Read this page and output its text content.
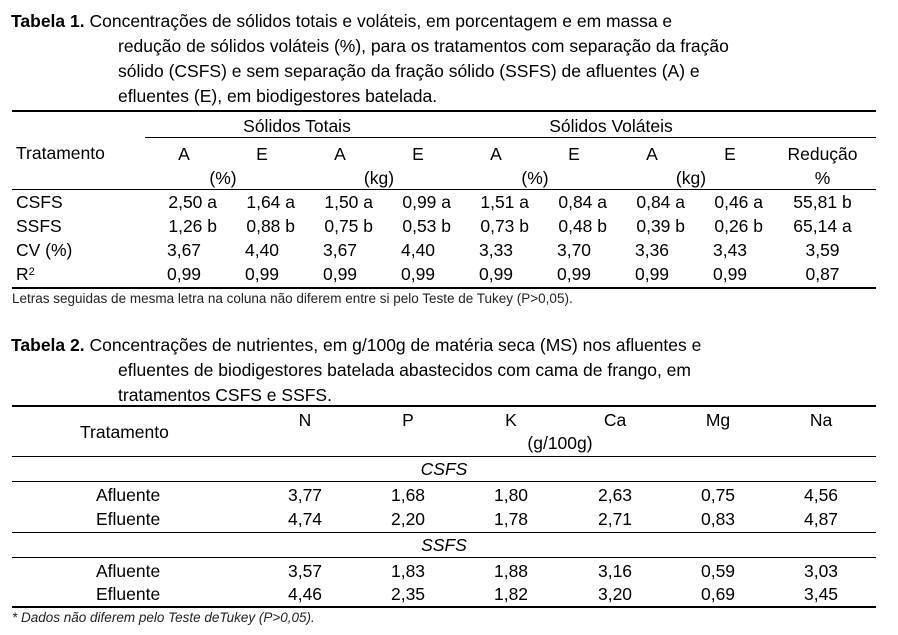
Tabela 1. Concentrações de sólidos totais e voláteis, em porcentagem e em massa e
redução de sólidos voláteis (%), para os tratamentos com separação da fração
sólido (CSFS) e sem separação da fração sólido (SSFS) de afluentes (A) e
efluentes (E), em biodigestores batelada.
Sólidos Totais	Sólidos Voláteis
Tratamento	A	E	A	E	A	E	A	E	Redução
(%)	(kg)	(%)	(kg)	%
CSFS	2,50 a	1,64 a	1,50 a	0,99 a	1,51 a	0,84 a	0,84 a	0,46 a	55,81 b
SSFS	1,26 b	0,88 b	0,75 b	0,53 b	0,73 b	0,48 b	0,39 b	0,26 b	65,14 a
CV (%)	3,67	4,40	3,67	4,40	3,33	3,70	3,36	3,43	3,59
$R^2$	0,99	0,99	0,99	0,99	0,99	0,99	0,99	0,99	0,87
Letras seguidas de mesma letra na coluna não diferem entre si pelo Teste de Tukey (P>0,05).
Tabela 2. Concentrações de nutrientes, em g/100g de matéria seca (MS) nos afluentes e
efluentes de biodigestores batelada abastecidos com cama de frango, em
tratamentos CSFS e SSFS.
Tratamento
N	P	K	Ca	Mg	Na
(g/100g)
CSFS
Afluente	3,77	1,68	1,80	2,63	0,75	4,56
Efluente	4,74	2,20	1,78	2,71	0,83	4,87
SSFS
Afluente	3,57	1,83	1,88	3,16	0,59	3,03
Efluente	4,46	2,35	1,82	3,20	0,69	3,45
* Dados não diferem pelo Teste deTukey (P>0,05).
